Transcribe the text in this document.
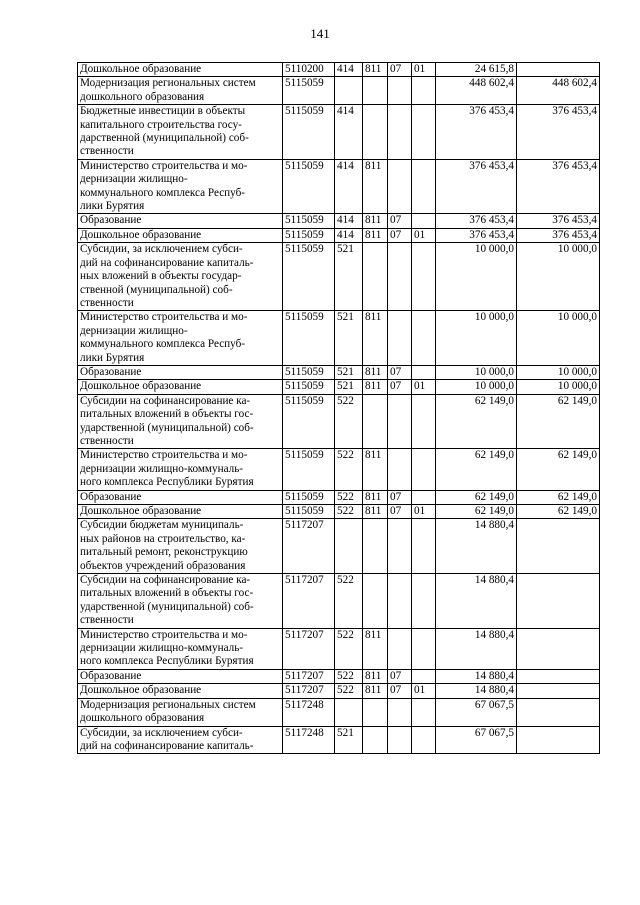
141
Дошкольное образование	5110200	414	811	07	01	24 615,8	
Модернизация региональных систем
дошкольного образования	5115059					448 602,4	448 602,4
Бюджетные инвестиции в объекты
капитального строительства госу-
дарственной (муниципальной) соб-
ственности	5115059	414				376 453,4	376 453,4
Министерство строительства и мо-
дернизации жилищно-
коммунального комплекса Респуб-
лики Бурятия	5115059	414	811			376 453,4	376 453,4
Образование	5115059	414	811	07		376 453,4	376 453,4
Дошкольное образование	5115059	414	811	07	01	376 453,4	376 453,4
Субсидии, за исключением субси-
дий на софинансирование капиталь-
ных вложений в объекты государ-
ственной (муниципальной) соб-
ственности	5115059	521				10 000,0	10 000,0
Министерство строительства и мо-
дернизации жилищно-
коммунального комплекса Респуб-
лики Бурятия	5115059	521	811			10 000,0	10 000,0
Образование	5115059	521	811	07		10 000,0	10 000,0
Дошкольное образование	5115059	521	811	07	01	10 000,0	10 000,0
Субсидии на софинансирование ка-
питальных вложений в объекты гос-
ударственной (муниципальной) соб-
ственности	5115059	522				62 149,0	62 149,0
Министерство строительства и мо-
дернизации жилищно-коммуналь-
ного комплекса Республики Бурятия	5115059	522	811			62 149,0	62 149,0
Образование	5115059	522	811	07		62 149,0	62 149,0
Дошкольное образование	5115059	522	811	07	01	62 149,0	62 149,0
Субсидии бюджетам муниципаль-
ных районов на строительство, ка-
питальный ремонт, реконструкцию
объектов учреждений образования	5117207					14 880,4	
Субсидии на софинансирование ка-
питальных вложений в объекты гос-
ударственной (муниципальной) соб-
ственности	5117207	522				14 880,4	
Министерство строительства и мо-
дернизации жилищно-коммуналь-
ного комплекса Республики Бурятия	5117207	522	811			14 880,4	
Образование	5117207	522	811	07		14 880,4	
Дошкольное образование	5117207	522	811	07	01	14 880,4	
Модернизация региональных систем
дошкольного образования	5117248					67 067,5	
Субсидии, за исключением субси-
дий на софинансирование капиталь-	5117248	521				67 067,5	
